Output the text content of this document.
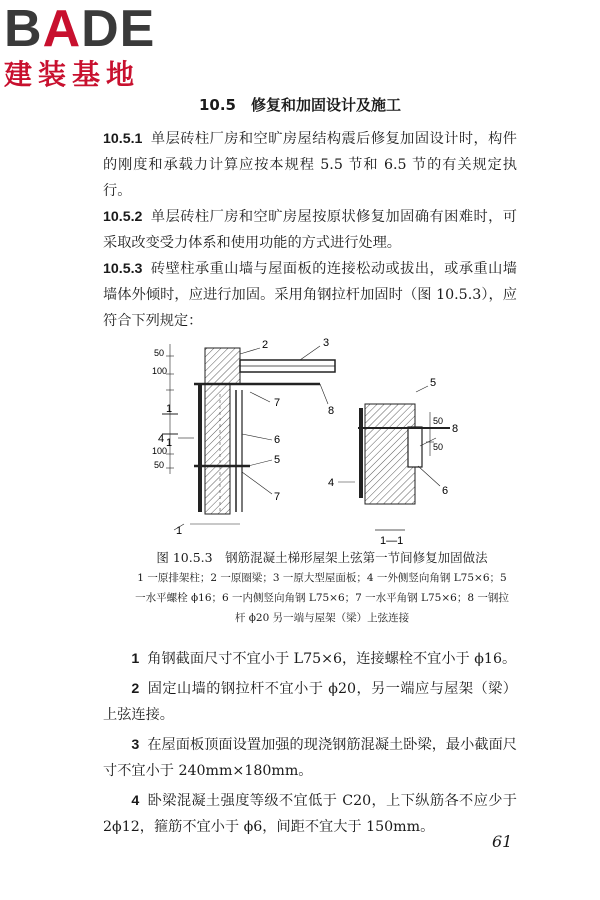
BADE
建装基地
10.5　修复和加固设计及施工

10.5.1 单层砖柱厂房和空旷房屋结构震后修复加固设计时，构件的刚度和承载力计算应按本规程 5.5 节和 6.5 节的有关规定执行。

10.5.2 单层砖柱厂房和空旷房屋按原状修复加固确有困难时，可采取改变受力体系和使用功能的方式进行处理。

10.5.3 砖壁柱承重山墙与屋面板的连接松动或拔出，或承重山墙墙体外倾时，应进行加固。采用角钢拉杆加固时（图 10.5.3），应符合下列规定：

1
2	3
4
5
6
7
8
7
5
8
4
6
50
100
100
50
50
50
1
1
1—1
图 10.5.3　钢筋混凝土梯形屋架上弦第一节间修复加固做法
1 一原排架柱；2 一原圈梁；3 一原大型屋面板；4 一外侧竖向角钢 L75×6；5 一水平螺栓 ϕ16；6 一内侧竖向角钢 L75×6；7 一水平角钢 L75×6；8 一钢拉杆 ϕ20 另一端与屋架（梁）上弦连接

1 角钢截面尺寸不宜小于 L75×6，连接螺栓不宜小于 ϕ16。

2 固定山墙的钢拉杆不宜小于 ϕ20，另一端应与屋架（梁）上弦连接。

3 在屋面板顶面设置加强的现浇钢筋混凝土卧梁，最小截面尺寸不宜小于 240mm×180mm。

4 卧梁混凝土强度等级不宜低于 C20，上下纵筋各不应少于 2ϕ12，箍筋不宜小于 ϕ6，间距不宜大于 150mm。

61
